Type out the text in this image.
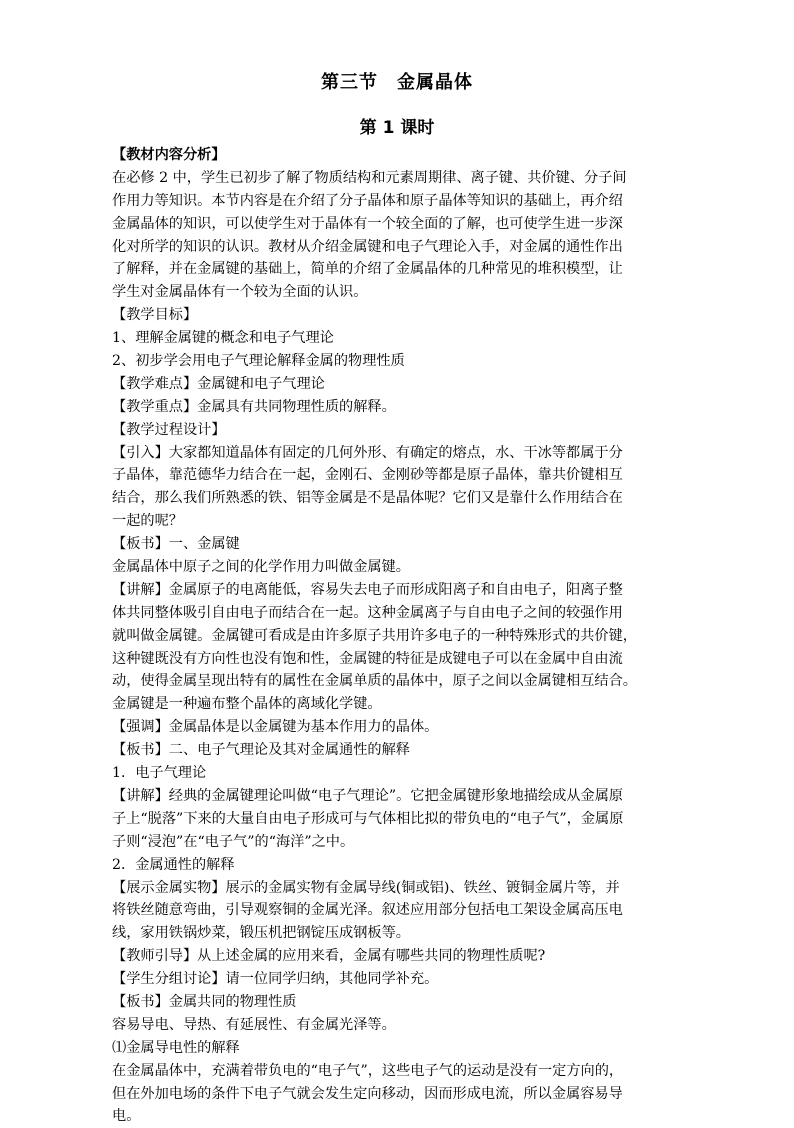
第三节　金属晶体
第 1 课时
【教材内容分析】
在必修 2 中，学生已初步了解了物质结构和元素周期律、离子键、共价键、分子间
作用力等知识。本节内容是在介绍了分子晶体和原子晶体等知识的基础上，再介绍
金属晶体的知识，可以使学生对于晶体有一个较全面的了解，也可使学生进一步深
化对所学的知识的认识。教材从介绍金属键和电子气理论入手，对金属的通性作出
了解释，并在金属键的基础上，简单的介绍了金属晶体的几种常见的堆积模型，让
学生对金属晶体有一个较为全面的认识。
【教学目标】
1、理解金属键的概念和电子气理论
2、初步学会用电子气理论解释金属的物理性质
【教学难点】金属键和电子气理论
【教学重点】金属具有共同物理性质的解释。
【教学过程设计】
【引入】大家都知道晶体有固定的几何外形、有确定的熔点，水、干冰等都属于分
子晶体，靠范德华力结合在一起，金刚石、金刚砂等都是原子晶体，靠共价键相互
结合，那么我们所熟悉的铁、铝等金属是不是晶体呢？它们又是靠什么作用结合在
一起的呢？
【板书】一、金属键
金属晶体中原子之间的化学作用力叫做金属键。
【讲解】金属原子的电离能低，容易失去电子而形成阳离子和自由电子，阳离子整
体共同整体吸引自由电子而结合在一起。这种金属离子与自由电子之间的较强作用
就叫做金属键。金属键可看成是由许多原子共用许多电子的一种特殊形式的共价键，
这种键既没有方向性也没有饱和性，金属键的特征是成键电子可以在金属中自由流
动，使得金属呈现出特有的属性在金属单质的晶体中，原子之间以金属键相互结合。
金属键是一种遍布整个晶体的离域化学键。
【强调】金属晶体是以金属键为基本作用力的晶体。
【板书】二、电子气理论及其对金属通性的解释
1．电子气理论
【讲解】经典的金属键理论叫做“电子气理论”。它把金属键形象地描绘成从金属原
子上“脱落”下来的大量自由电子形成可与气体相比拟的带负电的“电子气”，金属原
子则“浸泡”在“电子气”的“海洋”之中。
2．金属通性的解释
【展示金属实物】展示的金属实物有金属导线(铜或铝)、铁丝、镀铜金属片等，并
将铁丝随意弯曲，引导观察铜的金属光泽。叙述应用部分包括电工架设金属高压电
线，家用铁锅炒菜，锻压机把钢锭压成钢板等。
【教师引导】从上述金属的应用来看，金属有哪些共同的物理性质呢?
【学生分组讨论】请一位同学归纳，其他同学补充。
【板书】金属共同的物理性质
容易导电、导热、有延展性、有金属光泽等。
⑴金属导电性的解释
在金属晶体中，充满着带负电的“电子气”，这些电子气的运动是没有一定方向的，
但在外加电场的条件下电子气就会发生定向移动，因而形成电流，所以金属容易导
电。
